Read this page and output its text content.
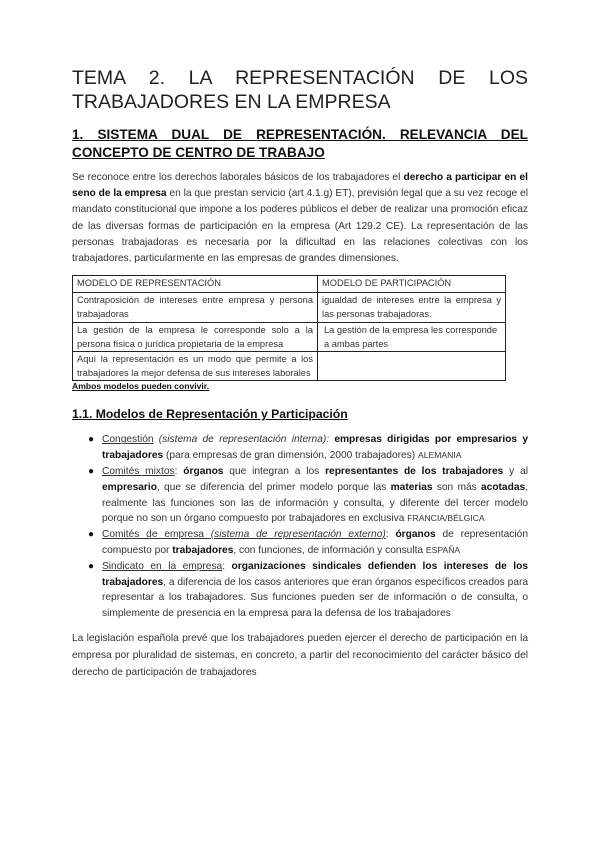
TEMA 2. LA REPRESENTACIÓN DE LOS
TRABAJADORES EN LA EMPRESA
1. SISTEMA DUAL DE REPRESENTACIÓN. RELEVANCIA DEL
CONCEPTO DE CENTRO DE TRABAJO

Se reconoce entre los derechos laborales básicos de los trabajadores el derecho a participar en el seno de la empresa en la que prestan servicio (art 4.1.g) ET), previsión legal que a su vez recoge el mandato constitucional que impone a los poderes públicos el deber de realizar una promoción eficaz de las diversas formas de participación en la empresa (Art 129.2 CE). La representación de las personas trabajadoras es necesaria por la dificultad en las relaciones colectivas con los trabajadores, particularmente en las empresas de grandes dimensiones.

MODELO DE REPRESENTACIÓN	MODELO DE PARTICIPACIÓN
Contraposición de intereses entre empresa y persona trabajadoras	igualdad de intereses entre la empresa y las personas trabajadoras.
La gestión de la empresa le corresponde solo a la persona física o jurídica propietaria de la empresa	La gestión de la empresa les corresponde a ambas partes
Aquí la representación es un modo que permite a los trabajadores la mejor defensa de sus intereses laborales	
Ambos modelos pueden convivir.
1.1. Modelos de Representación y Participación
● Congestión (sistema de representación interna): empresas dirigidas por empresarios y trabajadores (para empresas de gran dimensión, 2000 trabajadores) ALEMANIA
● Comités mixtos: órganos que integran a los representantes de los trabajadores y al empresario, que se diferencia del primer modelo porque las materias son más acotadas, realmente las funciones son las de información y consulta, y diferente del tercer modelo porque no son un órgano compuesto por trabajadores en exclusiva FRANCIA/BÉLGICA
● Comités de empresa (sistema de representación externo): órganos de representación compuesto por trabajadores, con funciones, de información y consulta ESPAÑA
● Sindicato en la empresa: organizaciones sindicales defienden los intereses de los trabajadores, a diferencia de los casos anteriores que eran órganos específicos creados para representar a los trabajadores. Sus funciones pueden ser de información o de consulta, o simplemente de presencia en la empresa para la defensa de los trabajadores

La legislación española prevé que los trabajadores pueden ejercer el derecho de participación en la empresa por pluralidad de sistemas, en concreto, a partir del reconocimiento del carácter básico del derecho de participación de trabajadores
